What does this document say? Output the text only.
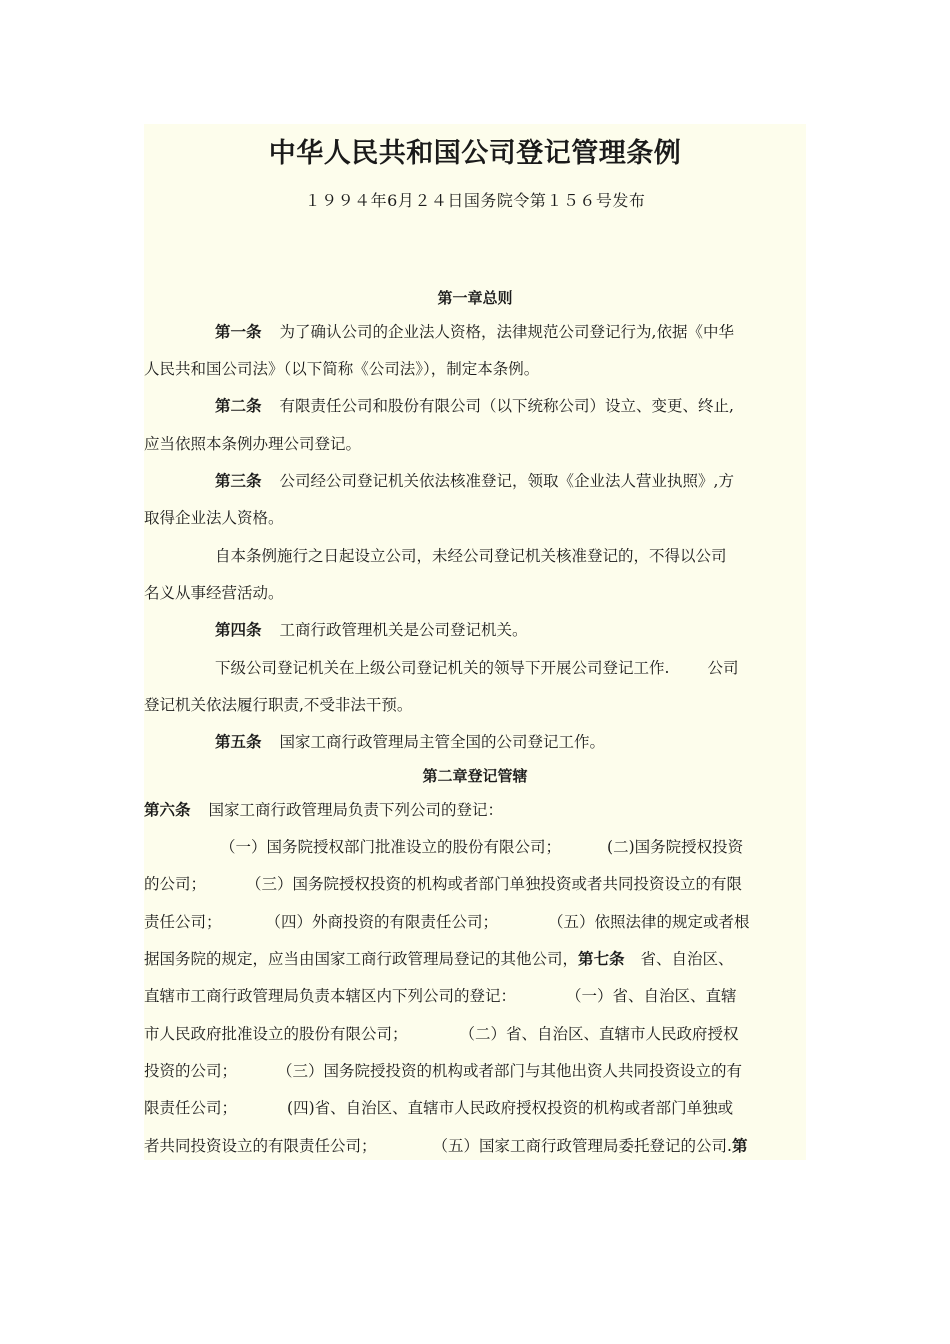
中华人民共和国公司登记管理条例
１９９４年6月２４日国务院令第１５６号发布
第一章总则
第一条 为了确认公司的企业法人资格，法律规范公司登记行为,依据《中华
人民共和国公司法》（以下简称《公司法》），制定本条例。
第二条 有限责任公司和股份有限公司（以下统称公司）设立、变更、终止,
应当依照本条例办理公司登记。
第三条 公司经公司登记机关依法核准登记，领取《企业法人营业执照》,方
取得企业法人资格。
自本条例施行之日起设立公司，未经公司登记机关核准登记的，不得以公司
名义从事经营活动。
第四条 工商行政管理机关是公司登记机关。
下级公司登记机关在上级公司登记机关的领导下开展公司登记工作. 公司
登记机关依法履行职责,不受非法干预。
第五条 国家工商行政管理局主管全国的公司登记工作。
第二章登记管辖
第六条 国家工商行政管理局负责下列公司的登记：
（一）国务院授权部门批准设立的股份有限公司；	(二)国务院授权投资
的公司；	（三）国务院授权投资的机构或者部门单独投资或者共同投资设立的有限
责任公司；	（四）外商投资的有限责任公司；	（五）依照法律的规定或者根
据国务院的规定，应当由国家工商行政管理局登记的其他公司，第七条 省、自治区、
直辖市工商行政管理局负责本辖区内下列公司的登记：	（一）省、自治区、直辖
市人民政府批准设立的股份有限公司；	（二）省、自治区、直辖市人民政府授权
投资的公司；	（三）国务院授投资的机构或者部门与其他出资人共同投资设立的有
限责任公司；	(四)省、自治区、直辖市人民政府授权投资的机构或者部门单独或
者共同投资设立的有限责任公司；	（五）国家工商行政管理局委托登记的公司.第
